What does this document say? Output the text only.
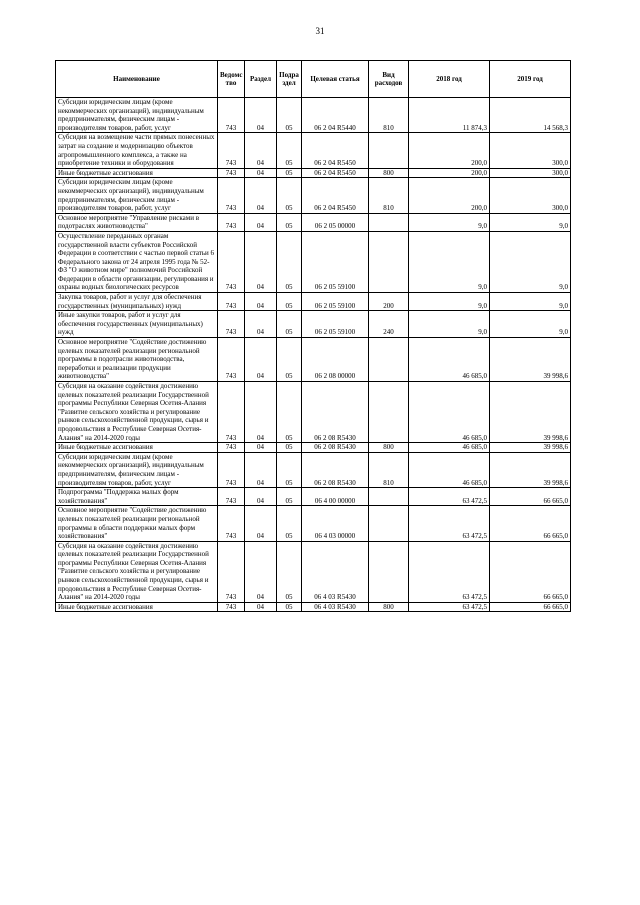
31
Наименование	Ведомс тво	Раздел	Подра здел	Целевая статья	Вид расходов	2018 год	2019 год
Субсидии юридическим лицам (кроме некоммерческих организаций), индивидуальным предпринимателям, физическим лицам - производителям товаров, работ, услуг	743	04	05	06 2 04 R5440	810	11 874,3	14 568,3
Субсидия на возмещение части прямых понесенных затрат на создание и модернизацию объектов агропромышленного комплекса, а также на приобретение техники и оборудования	743	04	05	06 2 04 R5450		200,0	300,0
Иные бюджетные ассигнования	743	04	05	06 2 04 R5450	800	200,0	300,0
Субсидии юридическим лицам (кроме некоммерческих организаций), индивидуальным предпринимателям, физическим лицам - производителям товаров, работ, услуг	743	04	05	06 2 04 R5450	810	200,0	300,0
Основное мероприятие "Управление рисками в подотраслях животноводства"	743	04	05	06 2 05 00000		9,0	9,0
Осуществление переданных органам государственной власти субъектов Российской Федерации в соответствии с частью первой статьи 6 Федерального закона от 24 апреля 1995 года № 52-ФЗ "О животном мире" полномочий Российской Федерации в области организации, регулирования и охраны водных биологических ресурсов	743	04	05	06 2 05 59100		9,0	9,0
Закупка товаров, работ и услуг для обеспечения государственных (муниципальных) нужд	743	04	05	06 2 05 59100	200	9,0	9,0
Иные закупки товаров, работ и услуг для обеспечения государственных (муниципальных) нужд	743	04	05	06 2 05 59100	240	9,0	9,0
Основное мероприятие "Содействие достижению целевых показателей реализации региональной программы в подотрасли животноводства, переработки и реализации продукции животноводства"	743	04	05	06 2 08 00000		46 685,0	39 998,6
Субсидия на оказание содействия достижению целевых показателей реализации Государственной программы Республики Северная Осетия-Алания "Развитие сельского хозяйства и регулирование рынков сельскохозяйственной продукции, сырья и продовольствия в Республике Северная Осетия-Алания" на 2014-2020 годы	743	04	05	06 2 08 R5430		46 685,0	39 998,6
Иные бюджетные ассигнования	743	04	05	06 2 08 R5430	800	46 685,0	39 998,6
Субсидии юридическим лицам (кроме некоммерческих организаций), индивидуальным предпринимателям, физическим лицам - производителям товаров, работ, услуг	743	04	05	06 2 08 R5430	810	46 685,0	39 998,6
Подпрограмма "Поддержка малых форм хозяйствования"	743	04	05	06 4 00 00000		63 472,5	66 665,0
Основное мероприятие "Содействие достижению целевых показателей реализации региональной программы в области поддержки малых форм хозяйствования"	743	04	05	06 4 03 00000		63 472,5	66 665,0
Субсидия на оказание содействия достижению целевых показателей реализации Государственной программы Республики Северная Осетия-Алания "Развитие сельского хозяйства и регулирование рынков сельскохозяйственной продукции, сырья и продовольствия в Республике Северная Осетия-Алания" на 2014-2020 годы	743	04	05	06 4 03 R5430		63 472,5	66 665,0
Иные бюджетные ассигнования	743	04	05	06 4 03 R5430	800	63 472,5	66 665,0
